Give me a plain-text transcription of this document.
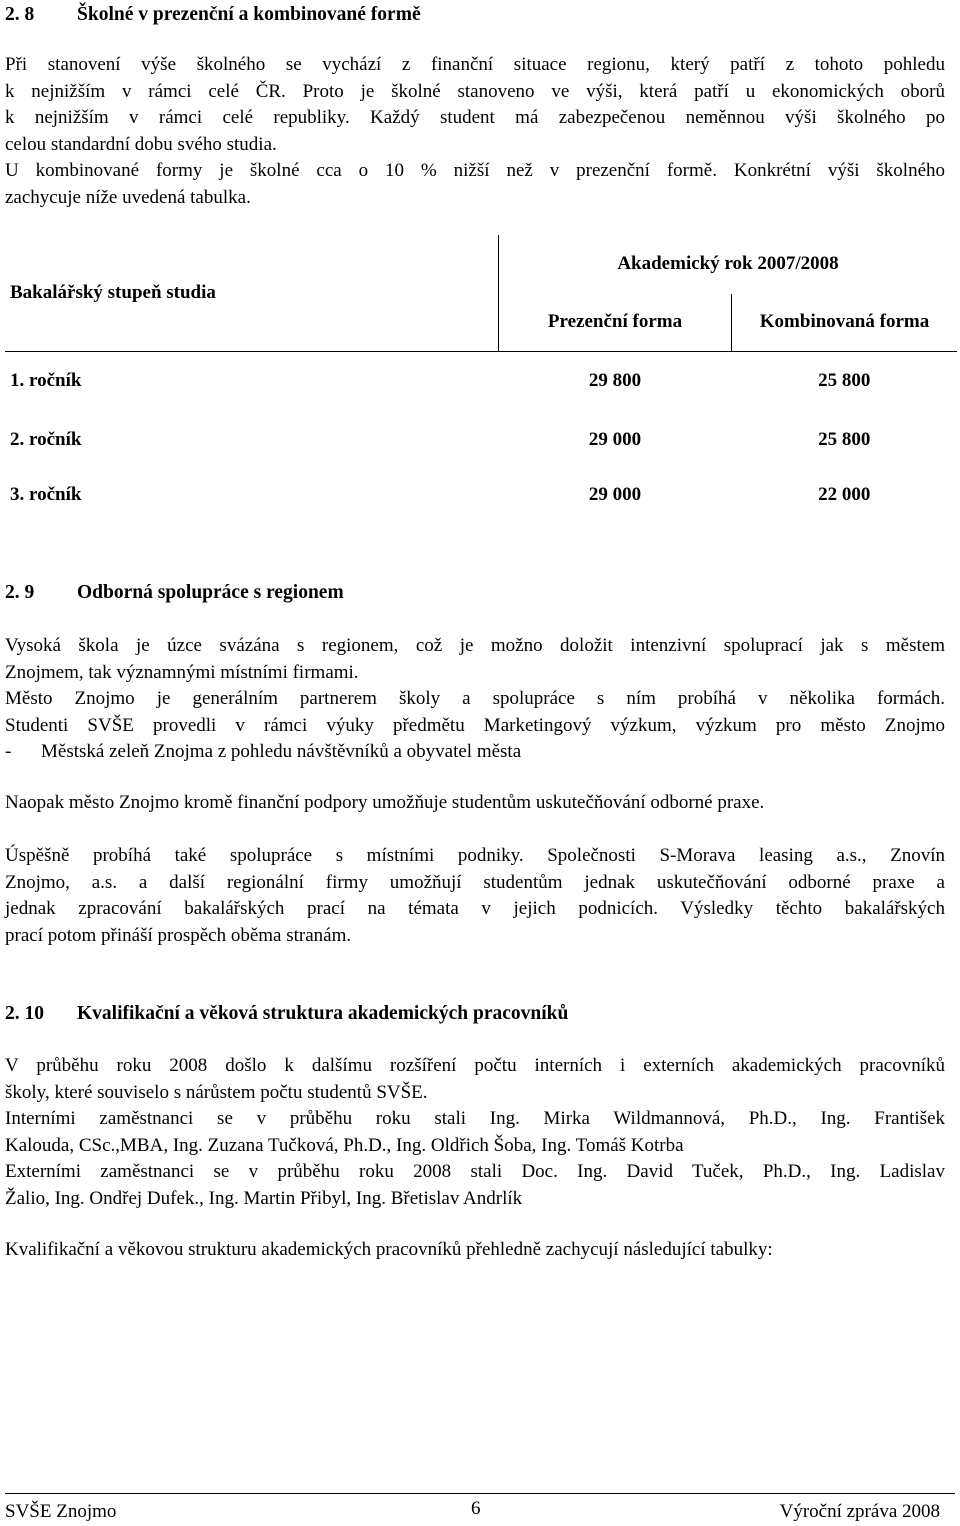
2. 8 Školné v prezenční a kombinované formě
Při stanovení výše školného se vychází z finanční situace regionu, který patří z tohoto pohledu
k nejnižším v rámci celé ČR. Proto je školné stanoveno ve výši, která patří u ekonomických oborů
k nejnižším v rámci celé republiky. Každý student má zabezpečenou neměnnou výši školného po
celou standardní dobu svého studia.
U kombinované formy je školné cca o 10 % nižší než v prezenční formě. Konkrétní výši školného
zachycuje níže uvedená tabulka.
Bakalářský stupeň studia	Akademický rok 2007/2008	
	Prezenční forma	Kombinovaná forma
1. ročník	29 800	25 800
2. ročník	29 000	25 800
3. ročník	29 000	22 000
2. 9 Odborná spolupráce s regionem
Vysoká škola je úzce svázána s regionem, což je možno doložit intenzivní spoluprací jak s městem
Znojmem, tak významnými místními firmami.
Město Znojmo je generálním partnerem školy a spolupráce s ním probíhá v několika formách.
Studenti SVŠE provedli v rámci výuky předmětu Marketingový výzkum, výzkum pro město Znojmo
- Městská zeleň Znojma z pohledu návštěvníků a obyvatel města
Naopak město Znojmo kromě finanční podpory umožňuje studentům uskutečňování odborné praxe.
Úspěšně probíhá také spolupráce s místními podniky. Společnosti S-Morava leasing a.s., Znovín
Znojmo, a.s. a další regionální firmy umožňují studentům jednak uskutečňování odborné praxe a
jednak zpracování bakalářských prací na témata v jejich podnicích. Výsledky těchto bakalářských
prací potom přináší prospěch oběma stranám.
2. 10 Kvalifikační a věková struktura akademických pracovníků
V průběhu roku 2008 došlo k dalšímu rozšíření počtu interních i externích akademických pracovníků
školy, které souviselo s nárůstem počtu studentů SVŠE.
Interními zaměstnanci se v průběhu roku stali Ing. Mirka Wildmannová, Ph.D., Ing. František
Kalouda, CSc.,MBA, Ing. Zuzana Tučková, Ph.D., Ing. Oldřich Šoba, Ing. Tomáš Kotrba
Externími zaměstnanci se v průběhu roku 2008 stali Doc. Ing. David Tuček, Ph.D., Ing. Ladislav
Žalio, Ing. Ondřej Dufek., Ing. Martin Přibyl, Ing. Břetislav Andrlík
Kvalifikační a věkovou strukturu akademických pracovníků přehledně zachycují následující tabulky:
SVŠE Znojmo	6	Výroční zpráva 2008
